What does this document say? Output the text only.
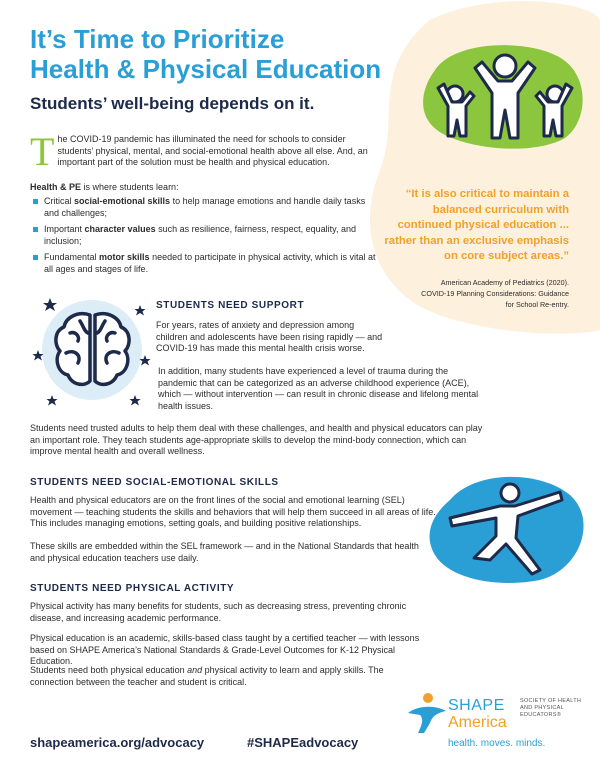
It’s Time to Prioritize
Health & Physical Education
Students’ well-being depends on it.

The COVID-19 pandemic has illuminated the need for schools to consider students’ physical, mental, and social-emotional health above all else. And, an important part of the solution must be health and physical education.

Health & PE is where students learn:

Critical social-emotional skills to help manage emotions and handle daily tasks and challenges;
Important character values such as resilience, fairness, respect, equality, and inclusion;
Fundamental motor skills needed to participate in physical activity, which is vital at all ages and stages of life.

“It is also critical to maintain a balanced curriculum with continued physical education ... rather than an exclusive emphasis on core subject areas.”

American Academy of Pediatrics (2020).
COVID-19 Planning Considerations: Guidance
for School Re-entry.

STUDENTS NEED SUPPORT

For years, rates of anxiety and depression among children and adolescents have been rising rapidly — and COVID-19 has made this mental health crisis worse.

In addition, many students have experienced a level of trauma during the pandemic that can be categorized as an adverse childhood experience (ACE), which — without intervention — can result in chronic disease and lifelong mental health issues.

Students need trusted adults to help them deal with these challenges, and health and physical educators can play an important role. They teach students age-appropriate skills to develop the mind-body connection, which can improve mental health and overall wellness.

STUDENTS NEED SOCIAL-EMOTIONAL SKILLS

Health and physical educators are on the front lines of the social and emotional learning (SEL) movement — teaching students the skills and behaviors that will help them succeed in all areas of life. This includes managing emotions, setting goals, and building positive relationships.

These skills are embedded within the SEL framework — and in the National Standards that health and physical education teachers use daily.

STUDENTS NEED PHYSICAL ACTIVITY

Physical activity has many benefits for students, such as decreasing stress, preventing chronic disease, and increasing academic performance.

Physical education is an academic, skills-based class taught by a certified teacher — with lessons based on SHAPE America’s National Standards & Grade-Level Outcomes for K-12 Physical Education.

Students need both physical education and physical activity to learn and apply skills. The connection between the teacher and student is critical.

shapeamerica.org/advocacy	#SHAPEadvocacy

SHAPE

America

SOCIETY OF HEALTH AND PHYSICAL EDUCATORS®

health. moves. minds.
